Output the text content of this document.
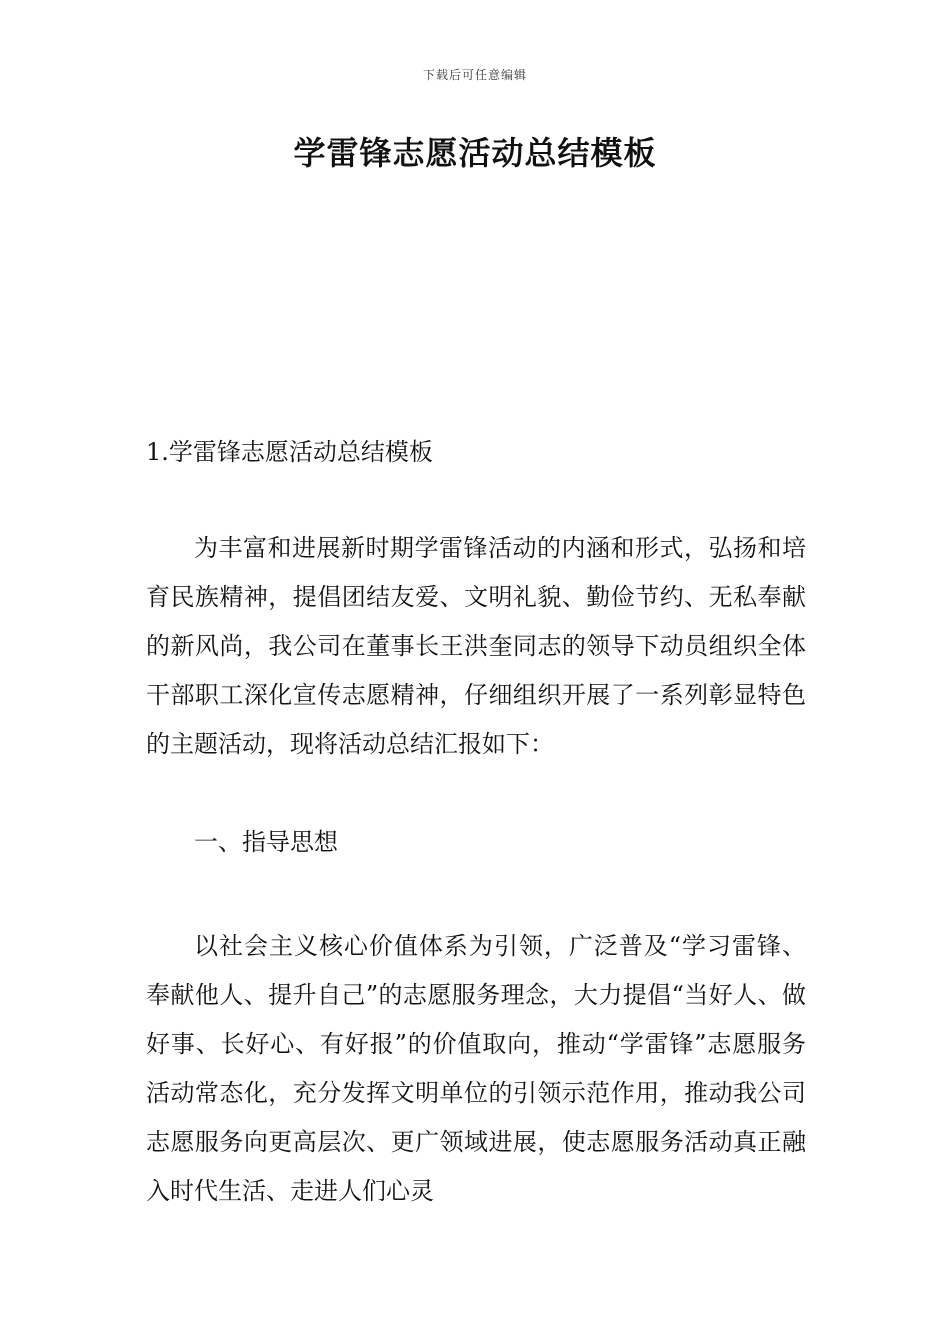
下载后可任意编辑
学雷锋志愿活动总结模板
1.学雷锋志愿活动总结模板
为丰富和进展新时期学雷锋活动的内涵和形式，弘扬和培育民族精神，提倡团结友爱、文明礼貌、勤俭节约、无私奉献的新风尚，我公司在董事长王洪奎同志的领导下动员组织全体干部职工深化宣传志愿精神，仔细组织开展了一系列彰显特色的主题活动，现将活动总结汇报如下：
一、指导思想
以社会主义核心价值体系为引领，广泛普及“学习雷锋、奉献他人、提升自己”的志愿服务理念，大力提倡“当好人、做好事、长好心、有好报”的价值取向，推动“学雷锋”志愿服务活动常态化，充分发挥文明单位的引领示范作用，推动我公司志愿服务向更高层次、更广领域进展，使志愿服务活动真正融入时代生活、走进人们心灵
